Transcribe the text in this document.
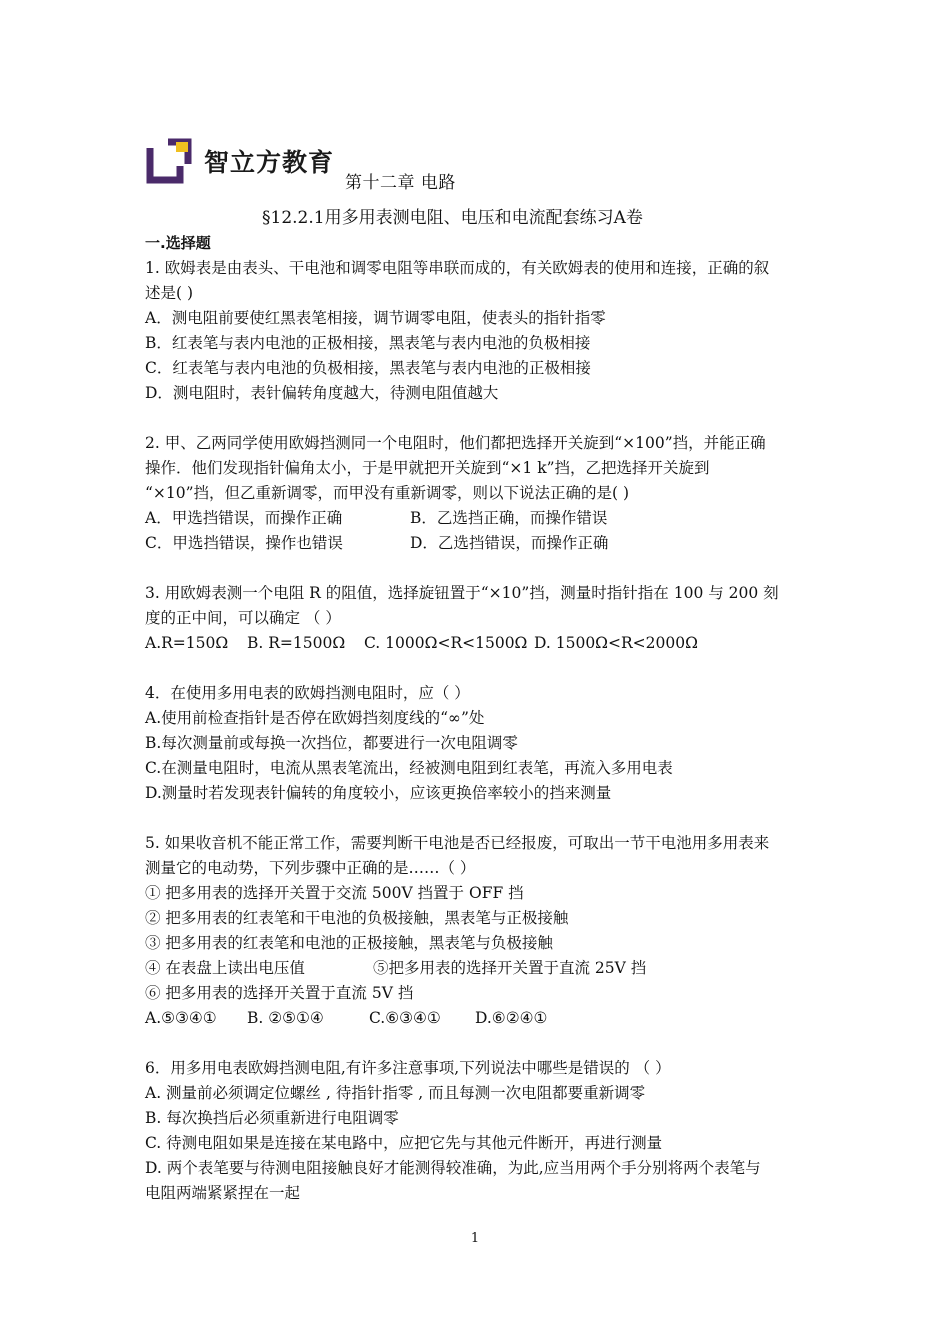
智立方教育
第十二章 电路
§12.2.1用多用表测电阻、电压和电流配套练习A卷
一.选择题
1. 欧姆表是由表头、干电池和调零电阻等串联而成的，有关欧姆表的使用和连接，正确的叙
述是( )
A．测电阻前要使红黑表笔相接，调节调零电阻，使表头的指针指零
B．红表笔与表内电池的正极相接，黑表笔与表内电池的负极相接
C．红表笔与表内电池的负极相接，黑表笔与表内电池的正极相接
D．测电阻时，表针偏转角度越大，待测电阻值越大
2. 甲、乙两同学使用欧姆挡测同一个电阻时，他们都把选择开关旋到“×100”挡，并能正确
操作．他们发现指针偏角太小，于是甲就把开关旋到“×1 k”挡，乙把选择开关旋到
“×10”挡，但乙重新调零，而甲没有重新调零，则以下说法正确的是( )
A．甲选挡错误，而操作正确	B．乙选挡正确，而操作错误
C．甲选挡错误，操作也错误	D．乙选挡错误，而操作正确
3. 用欧姆表测一个电阻 R 的阻值，选择旋钮置于“×10”挡，测量时指针指在 100 与 200 刻
度的正中间，可以确定 （ ）
A.R=150Ω	B. R=1500Ω	C. 1000Ω<R<1500Ω D. 1500Ω<R<2000Ω
4．在使用多用电表的欧姆挡测电阻时，应（ ）
A.使用前检查指针是否停在欧姆挡刻度线的“∞”处
B.每次测量前或每换一次挡位，都要进行一次电阻调零
C.在测量电阻时，电流从黑表笔流出，经被测电阻到红表笔，再流入多用电表
D.测量时若发现表针偏转的角度较小，应该更换倍率较小的挡来测量
5. 如果收音机不能正常工作，需要判断干电池是否已经报废，可取出一节干电池用多用表来
测量它的电动势，下列步骤中正确的是……（ ）
① 把多用表的选择开关置于交流 500V 挡置于 OFF 挡
② 把多用表的红表笔和干电池的负极接触，黑表笔与正极接触
③ 把多用表的红表笔和电池的正极接触，黑表笔与负极接触
④ 在表盘上读出电压值	⑤把多用表的选择开关置于直流 25V 挡
⑥ 把多用表的选择开关置于直流 5V 挡
A.⑤③④①	B. ②⑤①④	C.⑥③④①	D.⑥②④①
6．用多用电表欧姆挡测电阻,有许多注意事项,下列说法中哪些是错误的 （ ）
A. 测量前必须调定位螺丝 , 待指针指零 , 而且每测一次电阻都要重新调零
B. 每次换挡后必须重新进行电阻调零
C. 待测电阻如果是连接在某电路中，应把它先与其他元件断开，再进行测量
D. 两个表笔要与待测电阻接触良好才能测得较准确，为此,应当用两个手分别将两个表笔与
电阻两端紧紧捏在一起
1
